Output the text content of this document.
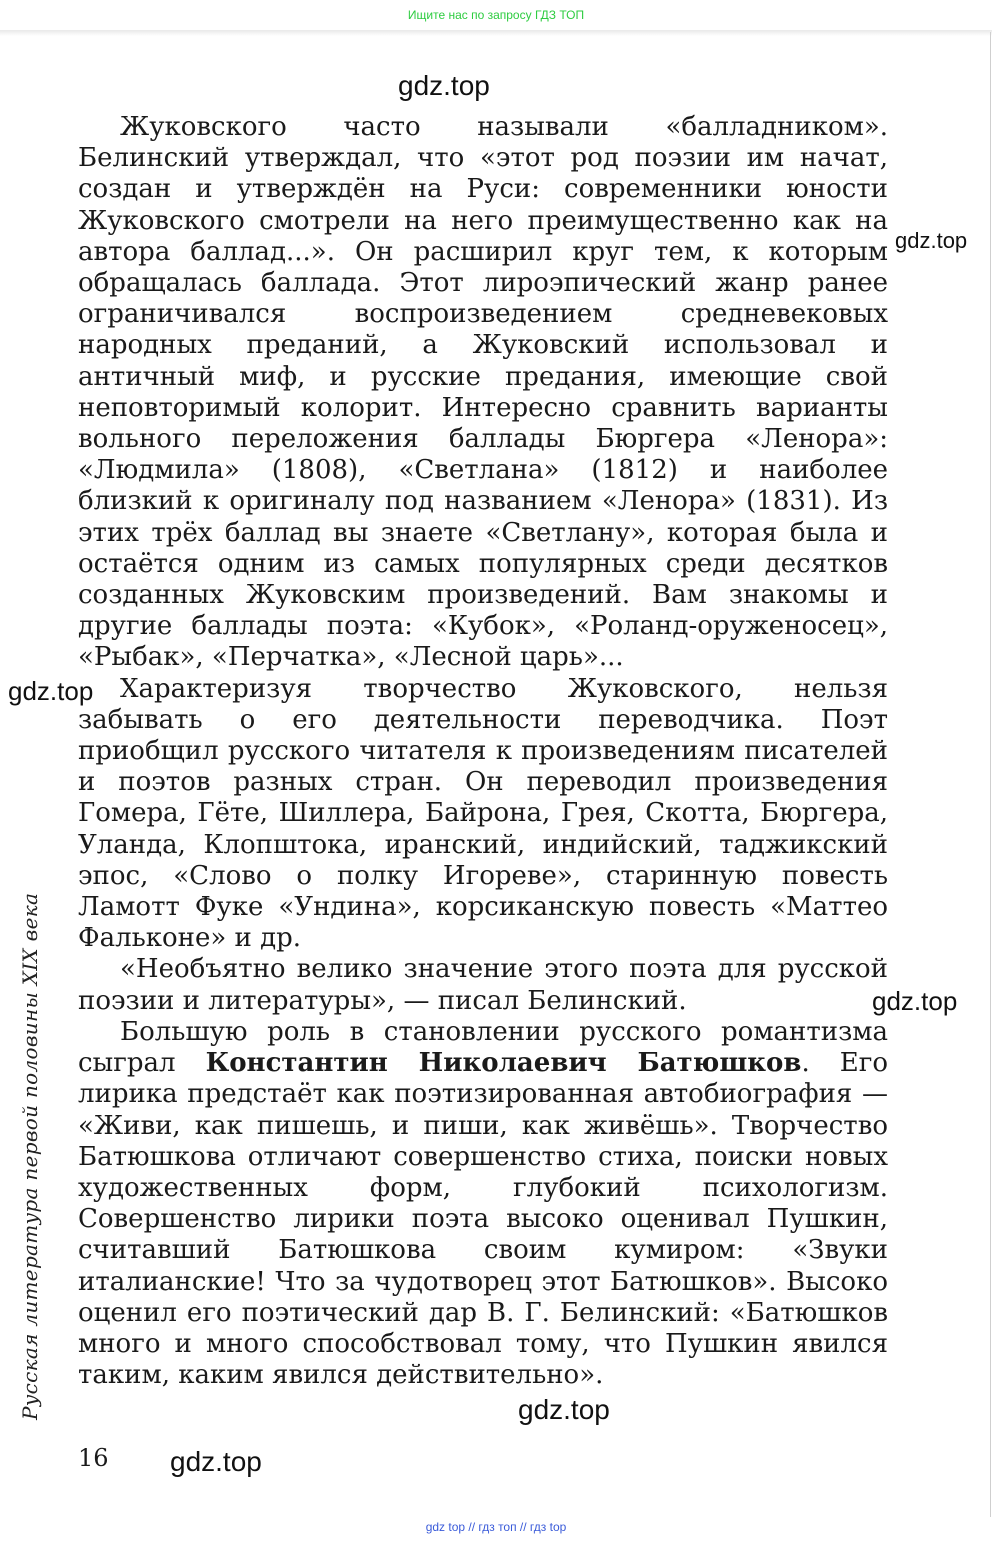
Ищите нас по запросу ГДЗ ТОП
gdz.top
gdz.top
gdz.top
gdz.top
gdz.top
gdz.top
Русская литература первой половины XIX века

Жуковского часто называли «балладником». Белинский утверждал, что «этот род поэзии им начат, создан и утверждён на Руси: современники юности Жуковского смотрели на него преимущественно как на автора баллад...». Он расширил круг тем, к которым обращалась баллада. Этот лироэпический жанр ранее ограничивался воспроизведением средневековых народных преданий, а Жуковский использовал и античный миф, и русские предания, имеющие свой неповторимый колорит. Интересно сравнить варианты вольного переложения баллады Бюргера «Ленора»: «Людмила» (1808), «Светлана» (1812) и наиболее близкий к оригиналу под названием «Ленора» (1831). Из этих трёх баллад вы знаете «Светлану», которая была и остаётся одним из самых популярных среди десятков созданных Жуковским произведений. Вам знакомы и другие баллады поэта: «Кубок», «Роланд-оруженосец», «Рыбак», «Перчатка», «Лесной царь»...

Характеризуя творчество Жуковского, нельзя забывать о его деятельности переводчика. Поэт приобщил русского читателя к произведениям писателей и поэтов разных стран. Он переводил произведения Гомера, Гёте, Шиллера, Байрона, Грея, Скотта, Бюргера, Уланда, Клопштока, иранский, индийский, таджикский эпос, «Слово о полку Игореве», старинную повесть Ламотт Фуке «Ундина», корсиканскую повесть «Маттео Фальконе» и др.

«Необъятно велико значение этого поэта для русской поэзии и литературы», — писал Белинский.

Большую роль в становлении русского романтизма сыграл Константин Николаевич Батюшков. Его лирика предстаёт как поэтизированная автобиография — «Живи, как пишешь, и пиши, как живёшь». Творчество Батюшкова отличают совершенство стиха, поиски новых художественных форм, глубокий психологизм. Совершенство лирики поэта высоко оценивал Пушкин, считавший Батюшкова своим кумиром: «Звуки италианские! Что за чудотворец этот Батюшков». Высоко оценил его поэтический дар В. Г. Белинский: «Батюшков много и много способствовал тому, что Пушкин явился таким, каким явился действительно».

16
gdz top // гдз топ // гдз top
